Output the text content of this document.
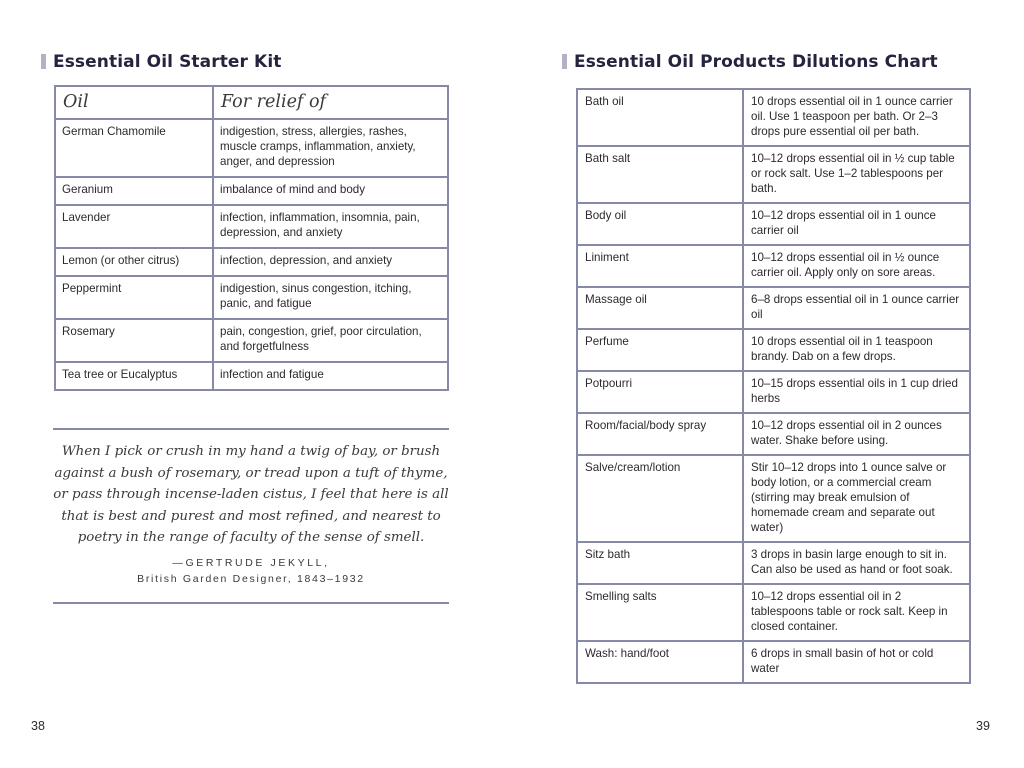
Essential Oil Starter Kit
Oil	For relief of
German Chamomile	indigestion, stress, allergies, rashes, muscle cramps, inflammation, anxiety, anger, and depression
Geranium	imbalance of mind and body
Lavender	infection, inflammation, insomnia, pain, depression, and anxiety
Lemon (or other citrus)	infection, depression, and anxiety
Peppermint	indigestion, sinus congestion, itching, panic, and fatigue
Rosemary	pain, congestion, grief, poor circulation, and forgetfulness
Tea tree or Eucalyptus	infection and fatigue

When I pick or crush in my hand a twig of bay, or brush against a bush of rosemary, or tread upon a tuft of thyme, or pass through incense-laden cistus, I feel that here is all that is best and purest and most refined, and nearest to poetry in the range of faculty of the sense of smell.

—GERTRUDE JEKYLL,
British Garden Designer, 1843–1932
38
Essential Oil Products Dilutions Chart
Bath oil	10 drops essential oil in 1 ounce carrier oil. Use 1 teaspoon per bath. Or 2–3 drops pure essential oil per bath.
Bath salt	10–12 drops essential oil in ½ cup table or rock salt. Use 1–2 tablespoons per bath.
Body oil	10–12 drops essential oil in 1 ounce carrier oil
Liniment	10–12 drops essential oil in ½ ounce carrier oil. Apply only on sore areas.
Massage oil	6–8 drops essential oil in 1 ounce carrier oil
Perfume	10 drops essential oil in 1 teaspoon brandy. Dab on a few drops.
Potpourri	10–15 drops essential oils in 1 cup dried herbs
Room/facial/body spray	10–12 drops essential oil in 2 ounces water. Shake before using.
Salve/cream/lotion	Stir 10–12 drops into 1 ounce salve or body lotion, or a commercial cream (stirring may break emulsion of homemade cream and separate out water)
Sitz bath	3 drops in basin large enough to sit in. Can also be used as hand or foot soak.
Smelling salts	10–12 drops essential oil in 2 tablespoons table or rock salt. Keep in closed container.
Wash: hand/foot	6 drops in small basin of hot or cold water
39
